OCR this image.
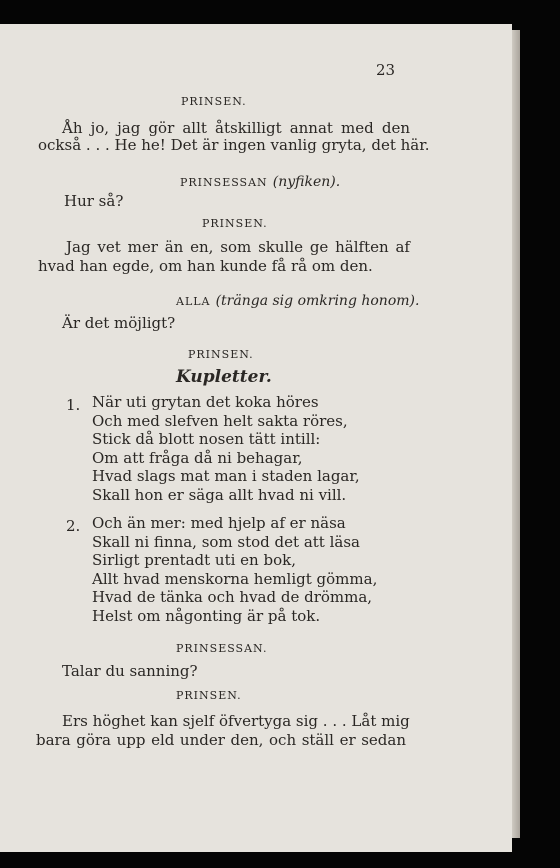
23
PRINSEN.
Åh jo, jag gör allt åtskilligt annat med den
också . . . He he! Det är ingen vanlig gryta, det här.
PRINSESSAN (nyfiken).
Hur så?
PRINSEN.
Jag vet mer än en, som skulle ge hälften af
hvad han egde, om han kunde få rå om den.
ALLA (tränga sig omkring honom).
Är det möjligt?
PRINSEN.
Kupletter.
1. När uti grytan det koka höres
Och med slefven helt sakta röres,
Stick då blott nosen tätt intill:
Om att fråga då ni behagar,
Hvad slags mat man i staden lagar,
Skall hon er säga allt hvad ni vill.
2. Och än mer: med hjelp af er näsa
Skall ni finna, som stod det att läsa
Sirligt prentadt uti en bok,
Allt hvad menskorna hemligt gömma,
Hvad de tänka och hvad de drömma,
Helst om någonting är på tok.
PRINSESSAN.
Talar du sanning?
PRINSEN.
Ers höghet kan sjelf öfvertyga sig . . . Låt mig
bara göra upp eld under den, och ställ er sedan
